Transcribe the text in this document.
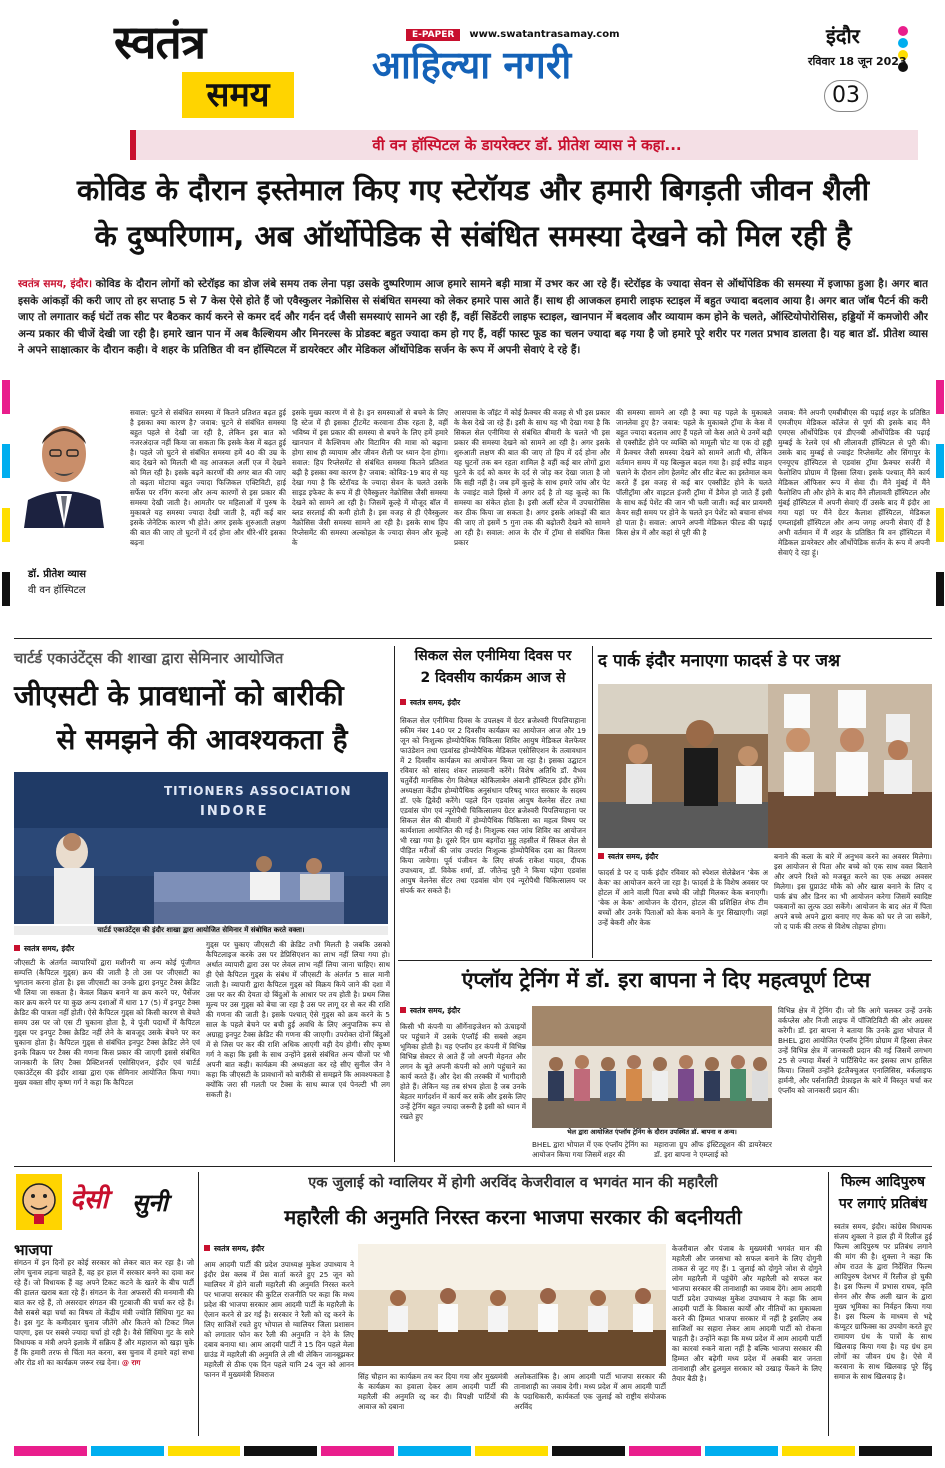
स्वतंत्र
समय
E-PAPER www.swatantrasamay.com
आहिल्या नगरी
इंदौर
रविवार 18 जून 2023
03
वी वन हॉस्पिटल के डायरेक्टर डॉ. प्रीतेश व्यास ने कहा...
कोविड के दौरान इस्तेमाल किए गए स्टेरॉयड और हमारी बिगड़ती जीवन शैली
के दुष्परिणाम, अब ऑर्थोपेडिक से संबंधित समस्या देखने को मिल रही है
स्वतंत्र समय, इंदौर। कोविड के दौरान लोगों को स्टेरॉइड का डोज लंबे समय तक लेना पड़ा उसके दुष्परिणाम आज हमारे सामने बड़ी मात्रा में उभर कर आ रहे हैं। स्टेरॉइड के ज्यादा सेवन से ऑर्थोपेडिक की समस्या में इजाफा हुआ है। अगर बात इसके आंकड़ों की करी जाए तो हर सप्ताह 5 से 7 केस ऐसे होते हैं जो एवैस्कुलर नेक्रोसिस से संबंधित समस्या को लेकर हमारे पास आते हैं। साथ ही आजकल हमारी लाइफ स्टाइल में बहुत ज्यादा बदलाव आया है। अगर बात जॉब पैटर्न की करी जाए तो लगातार कई घंटों तक सीट पर बैठकर कार्य करने से कमर दर्द और गर्दन दर्द जैसी समस्याएं सामने आ रही हैं, वहीं सिडेंटरी लाइफ स्टाइल, खानपान में बदलाव और व्यायाम कम होने के चलते, ऑस्टियोपोरोसिस, हड्डियों में कमजोरी और अन्य प्रकार की चीजें देखी जा रही है। हमारे खान पान में अब कैल्शियम और मिनरल्स के प्रोडक्ट बहुत ज्यादा कम हो गए हैं, वहीं फास्ट फूड का चलन ज्यादा बढ़ गया है जो हमारे पूरे शरीर पर गलत प्रभाव डालता है। यह बात डॉ. प्रीतेश व्यास ने अपने साक्षात्कार के दौरान कही। वे शहर के प्रतिष्ठित वी वन हॉस्पिटल में डायरेक्टर और मेडिकल ऑर्थोपेडिक सर्जन के रूप में अपनी सेवाएं दे रहे हैं।
डॉ. प्रीतेश व्यास
वी वन हॉस्पिटल
सवाल: घुटने से संबंधित समस्या में कितने प्रतिशत बढ़त हुई है इसका क्या कारण है? जवाब: घुटने से संबंधित समस्या बहुत पहले से देखी जा रही है, लेकिन इस बात को नजरअंदाज नहीं किया जा सकता कि इसके केस में बढ़त हुई है। पहले जो घुटने से संबंधित समस्या हमें 40 की उम्र के बाद देखने को मिलती थी वह आजकल अर्ली एज में देखने को मिल रही है। इसके बढ़ने कारणों की अगर बात की जाए तो बढ़ता मोटापा बहुत ज्यादा फिजिकल एक्टिविटी, हाई सर्फेस पर रनिंग करना और अन्य कारणों से इस प्रकार की समस्या देखी जाती है। आमतौर पर महिलाओं में पुरुष के मुकाबले यह समस्या ज्यादा देखी जाती है, वहीं कई बार इसके जेनेटिक कारण भी होते। अगर इसके शुरुआती लक्षण की बात की जाए तो घुटनों में दर्द होना और धीरे-धीरे इसका बढ़ना
इसके मुख्य कारण में से है। इन समस्याओं से बचने के लिए हि स्टेज में ही इसका ट्रीटमेंट करवाना ठीक रहता है, वहीं भविष्य में इस प्रकार की समस्या से बचने के लिए हमें हमारे खानपान में कैल्शियम और विटामिन की मात्रा को बढ़ाना होगा साथ ही व्यायाम और जीवन शैली पर ध्यान देना होगा। सवाल: हिप रिप्लेसमेंट से संबंधित समस्या कितने प्रतिशत बढ़ी है इसका क्या कारण है? जवाब: कोविड-19 बाद से यह देखा गया है कि स्टेरॉयड के ज्यादा सेवन के चलते उसके साइड इफेक्ट के रूप में ही ऐवैस्कुलर नेक्रोसिस जैसी समस्या देखने को सामने आ रही है। जिसमें कूल्हे में मौजूद बॉल में ब्लड सरलाई की कमी होती है। इस वजह से ही ऐवैस्कुलर नैक्रोसिस जैसी समस्या सामने आ रही है। इसके साथ हिप रिप्लेसमेंट की समस्या अल्कोहल के ज्यादा सेवन और कूल्हे के
आसपास के जॉइंट में कोई फ्रैक्चर की वजह से भी इस प्रकार के केस देखे जा रहे हैं। इसी के साथ यह भी देखा गया है कि सिकल सेल एनीमिया से संबंधित बीमारी के चलते भी इस प्रकार की समस्या देखने को सामने आ रही है। अगर इसके शुरुआती लक्षण की बात की जाए तो हिप में दर्द होना और यह घुटनों तक बन रहता शामिल है वहीं कई बार लोगों द्वारा घुटने के दर्द को कमर के दर्द से जोड़ कर देखा जाता है जो कि सही नहीं है। जब हमें कूल्हे के साथ हमारे जांघ और पेट के ज्वाइंट वाले हिस्से में अगर दर्द है तो यह कूल्हे का कि समस्या का संकेत होता है। इसी अर्ली स्टेज में उपचारोसिस कर ठीक किया जा सकता है। अगर इसके आंकड़ों की बात की जाए तो इसमें 5 गुना तक की बढ़ोतरी देखने को सामने आ रही है। सवाल: आज के दौर में ट्रॉमा से संबंधित किस प्रकार
की समस्या सामने आ रही है क्या यह पहले के मुकाबले जानलेवा हुए है? जवाब: पहले के मुकाबले ट्रॉमा के केस में बहुत ज्यादा बदलाव आए हैं पहले जो केस आते थे उनमें बड़ी से एक्सीडेंट होने पर व्यक्ति को मामूली चोट या एक दो हड्डी में फ्रैक्चर जैसी समस्या देखने को सामने आती थी, लेकिन वर्तमान समय में यह बिल्कुल बदल गया है। हाई स्पीड वाहन चलाने के दौरान लोग हेलमेट और सीट बेल्ट का इस्तेमाल कम करते हैं इस वजह से कई बार एक्सीडेंट होने के चलते पॉलीट्रॉमा और वाइटल इंजरी ट्रॉमा में डैमेज हो जाते हैं इसी के साथ कई पेशेंट की जान भी चली जाती। कई बार प्रायमरी केयर सही समय पर होने के चलते इन पेशेंट को बचाना संभव हो पाता है। सवाल: आपने अपनी मेडिकल फील्ड की पढ़ाई किस क्षेत्र में और कहां से पूरी की है
जवाब: मैंने अपनी एमबीबीएस की पढ़ाई शहर के प्रतिष्ठित एमजीएम मेडिकल कॉलेज से पूर्ण की इसके बाद मैंने एमएस ऑर्थोपेडिक एवं डीएनबी ऑर्थोपेडिक की पढ़ाई मुम्बई के रेलवे एवं श्री लीलावती हॉस्पिटल से पूरी की। उसके बाद मुम्बई से ज्वाइंट रिप्लेसमेंट और सिंगापुर के एनयूएच हॉस्पिटल से एडवांस ट्रॉमा फ्रैक्चर सर्जरी में फेलोशिप प्रोग्राम में हिस्सा लिया। इसके पश्चात् मैंने कार्य मेडिकल ऑफिसर रूप में सेवा दी। मैंने मुंबई में मैंने फैलोशिप ली और होने के बाद मैंने लीलावती हॉस्पिटल और मुंबई हॉस्पिटल में अपनी सेवाएं दीं उसके बाद मैं इंदौर आ गया यहां पर मैंने ग्रेटर कैलाश हॉस्पिटल, मेडिकल एम्प्लाइंसी हॉस्पिटल और अन्य जगह अपनी सेवाएं दीं है अभी वर्तमान में मैं शहर के प्रतिष्ठित वि वन हॉस्पिटल में मेडिकल डायरेक्टर और ऑर्थोपेडिक सर्जन के रूप में अपनी सेवाएं दे रहा हूं।
चार्टर्ड एकाउंटेंट्स की शाखा द्वारा सेमिनार आयोजित
जीएसटी के प्रावधानों को बारीकी
से समझने की आवश्यकता है
TITIONERS ASSOCIATION
INDORE
चार्टर्ड एकाउंटेंट्स की इंदौर शाखा द्वारा आयोजित सेमिनार में संबोधित करते वक्ता।
स्वतंत्र समय, इंदौर
जीएसटी के अंतर्गत व्यापारियों द्वारा मशीनरी या अन्य कोई पूंजीगत सम्पत्ति (कैपिटल गुड्स) क्रय की जाती है तो उस पर जीएसटी का भुगतान करना होता है। इस जीएसटी का उनके द्वारा इनपुट टैक्स क्रेडिट भी लिया जा सकता है। केवल विक्रय बनाने या क्रय करने पर, पैसेंजर कार क्रय करने पर या कुछ अन्य दशाओं में धारा 17 (5) में इनपुट टैक्स क्रेडिट की पात्रता नहीं होती। ऐसे कैपिटल गुड्स को किसी कारण से बेचते समय उस पर जो एस टी चुकाना होता है, वे पूंजी पदार्थों में कैपिटल गुड्स पर इनपुट टैक्स क्रेडिट नहीं लेने के बावजूद उसके बेचने पर कर चुकाना होता है। कैपिटल गुड्स से संबंधित इनपुट टैक्स क्रेडिट लेने एवं इनके विक्रय पर टैक्स की गणना किस प्रकार की जाएगी इससे संबंधित जानकारी के लिए टैक्स प्रैक्टिशनर्स एसोसिएशन, इंदौर एवं चार्टर्ड एकाउंटेंट्स की इंदौर शाखा द्वारा एक सेमिनार आयोजित किया गया। मुख्य वक्ता सीए कृष्ण गर्ग ने कहा कि कैपिटल
गुड्स पर चुकाए जीएसटी की क्रेडिट तभी मिलती है जबकि उसको कैपिटलाइज करके उस पर डेप्रिसिएशन का लाभ नहीं लिया गया हो। अर्थात व्यापारी द्वारा उस पर लेवल लाभ नहीं लिया जाना चाहिए। साथ ही ऐसे कैपिटल गुड्स के संबंध में जीएसटी के अंतर्गत 5 साल मानी जाती है। व्यापारी द्वारा कैपिटल गुड्स को विक्रय किये जाने की दशा में उस पर कर की देयता दो बिंदुओं के आधार पर तय होती है। प्रथम जिस मूल्य पर उस गुड्स को बेचा जा रहा है उस पर लागू दर से कर की राशि की गणना की जाती है। इसके पश्चात् ऐसे गुड्स को क्रय करने के 5 साल के पहले बेचने पर बची हुई अवधि के लिए अनुपातिक रूप से अग्राह्य इनपुट टैक्स क्रेडिट की गणना की जाएगी। उपरोक्त दोनों बिंदुओं में से जिस पर कर की राशि अधिक आएगी वही देय होगी। सीए कृष्ण गर्ग ने कहा कि इसी के साथ उन्होंने इससे संबंधित अन्य चीजों पर भी अपनी बात कही। कार्यक्रम की अध्यक्षता कर रहे सीए सुनील जैन ने कहा कि जीएसटी के प्रावधानों को बारीकी से समझने कि आवश्यकता है क्योंकि जरा सी गलती पर टैक्स के साथ ब्याज एवं पेनल्टी भी लग सकती है।
सिकल सेल एनीमिया दिवस पर
2 दिवसीय कार्यक्रम आज से
स्वतंत्र समय, इंदौर
सिकल सेल एनीमिया दिवस के उपलक्ष्य में ग्रेटर ब्रजेश्वरी पिपलियाहाना स्कीम नंबर 140 पर 2 दिवसीय कार्यक्रम का आयोजन आज और 19 जून को निःशुल्क होम्योपैथिक चिकित्सा शिविर आयुष मेडिकल वेलफेयर फाउंडेशन तथा एडवांस्ड होम्योपैथिक मेडिकल एसोसिएशन के तत्वावधान में 2 दिवसीय कार्यक्रम का आयोजन किया जा रहा है। इसका उद्घाटन रविवार को सांसद शंकर लालवानी करेंगे। विशेष अतिथि डॉ. वैभव चतुर्वेदी मानसिक रोग विशेषज्ञ कोकिलाबेन अंबानी हॉस्पिटल इंदौर होंगे। अध्यक्षता केंद्रीय होम्योपैथिक अनुसंधान परिषद् भारत सरकार के सदस्य डॉ. एके द्विवेदी करेंगे। पहले दिन एडवांस आयुष वेलनेस सेंटर तथा एडवांस योग एवं न्यूरोपैथी चिकित्सालय ग्रेटर ब्रजेश्वरी पिपलियाहाना पर सिकल सेल की बीमारी में होम्योपैथिक चिकित्सा का महत्व विषय पर कार्यशाला आयोजित की गई है। निःशुल्क रक्त जांच शिविर का आयोजन भी रखा गया है। दूसरे दिन ग्राम बड़गोंदा मुहू तहसील में सिकल सेल से पीड़ित मरीजों की जांच उपरांत निःशुल्क होम्योपैथिक दवा का वितरण किया जायेगा। पूर्व पंजीयन के लिए संपर्क राकेश यादव, दीपक उपाध्याय, डॉ. विवेक शर्मा, डॉ. जीतेन्द्र पुरी ने किया पड़ेगा एडवांस आयुष वेलनेस सेंटर तथा एडवांस योग एवं न्यूरोपैथी चिकित्सालय पर संपर्क कर सकते हैं।
द पार्क इंदौर मनाएगा फादर्स डे पर जश्न
स्वतंत्र समय, इंदौर
फादर्स डे पर द पार्क इंदौर रविवार को स्पेशल सेलेब्रेशन 'बेक अ केक' का आयोजन करने जा रहा है। फादर्स डे के विशेष अवसर पर होटल में आने वाली पिता बच्चे की जोड़ी मिलकर केक बनाएगी। 'बेक अ केक' आयोजन के दौरान, होटल की प्रशिक्षित शेफ टीम बच्चों और उनके पिताओं को केक बनाने के गुर सिखाएगी। जहां उन्हें बेकरी और केक
बनाने की कला के बारे में अनुभव करने का अवसर मिलेगा। इस आयोजन से पिता और बच्चे को एक साथ वक्त बिताने और अपने रिश्ते को मजबूत करने का एक अच्छा अवसर मिलेगा। इस ग्रुप्राउंट मौके को और खास बनाने के लिए द पार्क ब्रंच और डिनर का भी आयोजन करेगा जिसमें स्वादिष्ट पकवानों का लुत्फ उठा सकेंगे। आयोजन के बाद अंत में पिता अपने बच्चे अपने द्वारा बनाए गए केक को घर ले जा सकेंगे, जो द पार्क की तरफ से विशेष तोहफा होगा।
एंप्लॉय ट्रेनिंग में डॉ. इरा बापना ने दिए महत्वपूर्ण टिप्स
स्वतंत्र समय, इंदौर
किसी भी कंपनी या ऑर्गेनाइजेशन को ऊंचाइयों पर पहुंचाने में उसके एंप्लॉई की सबसे अहम भूमिका होती है। यह एंप्लॉय हर कंपनी में विभिन्न विभिन्न सेक्टर से आते हैं जो अपनी मेहनत और लगन के बूते अपनी कंपनी को आगे पहुंचाने का कार्य करते हैं। और देश की तरक्की में भागीदारी होते हैं। लेकिन यह तब संभव होता है जब उनके बेहतर मार्गदर्शन में कार्य कर सकें और इसके लिए उन्हें ट्रेनिंग बहुत ज्यादा जरूरी है इसी को ध्यान में रखते हुए
भेल द्वारा आयोजित एंप्लॉय ट्रेनिंग के दौरान उपस्थित डॉ. बापना व अन्य।
BHEL द्वारा भोपाल में एक एंप्लॉय ट्रेनिंग का आयोजन किया गया जिसमें शहर की
महाराजा ग्रुप ऑफ इंस्टिट्यूशन की डायरेक्टर डॉ. इरा बापना ने एम्प्लाई को
विभिन्न क्षेत्र में ट्रेनिंग दी। जो कि आगे चलकर उन्हें उनके वर्कप्लेस और निजी लाइफ में पॉजिटिविटी की ओर अग्रसर करेगी। डॉ. इरा बापना ने बताया कि उनके द्वारा भोपाल में BHEL द्वारा आयोजित एंप्लॉय ट्रेनिंग प्रोग्राम में हिस्सा लेकर उन्हें विभिन्न क्षेत्र में जानकारी प्रदान की गई जिसमें लगभग 25 से ज्यादा मेंबर्स ने पार्टिसिपेट कर इसका लाभ हासिल किया। जिसमें उन्होंने इंटलैक्चुअल एनालिसिस, वर्कलाइफ हार्मनी, और पर्सनालिटी प्रेफ़ाइल के बारे में विस्तृत चर्चा कर एंप्लॉय को जानकारी प्रदान की।
देसी सुनी
भाजपा
संगठन में इन दिनों हर कोई सरकार को लेकर बात कर रहा है। जो लोग चुनाव लड़ना चाहते हैं, वह हर हाल में सरकार बनने का दावा कर रहे हैं। जो विधायक हैं वह अपने टिकट कटने के खतरे के बीच पार्टी की हालत खराब बता रहे हैं। संगठन के नेता अफसरों की मनमानी की बात कर रहे हैं, तो असरदार संगठन की गुटबाजी की चर्चा कर रहे हैं। वैसे सबसे बड़ा चर्चा का विषय तो केंद्रीय मंत्री ज्योति सिंधिया गुट का है। इस गुट के कमीदवार चुनाव जीतेंगे और कितने को टिकट मिल पाएगा, इस पर सबसे ज्यादा चर्चा हो रही है। वैसे सिंधिया गुट के सारे विधायक व मंत्री अपने इलाके में सक्रिय हैं और महाराज को खड़ा चुके हैं कि हमारी तरफ से चिंता मत करना, बस चुनाव में हमारे वहां सभा और रोड शो का कार्यक्रम जरूर रख देना। @ राग
एक जुलाई को ग्वालियर में होगी अरविंद केजरीवाल व भगवंत मान की महारैली
महारैली की अनुमति निरस्त करना भाजपा सरकार की बदनीयती
स्वतंत्र समय, इंदौर
आम आदमी पार्टी की प्रदेश उपाध्यक्ष मुकेश उपाध्याय ने इंदौर प्रेस क्लब में प्रेस वार्ता करते हुए 25 जून को ग्वालियर में होने वाली महारैली की अनुमति निरस्त करने पर भाजपा सरकार की कुटिल राजनीति पर कहा कि मध्य प्रदेश की भाजपा सरकार आम आदमी पार्टी के महारैली के ऐलान करने से डर गई है। सरकार ने रैली को रद्द करने के लिए साजिशें रचते हुए भोपाल से ग्वालियर जिला प्रशासन को लगातार फोन कर रैली की अनुमति न देने के लिए दबाव बनाया था। आम आदमी पार्टी ने 15 दिन पहले मेला ग्राउंड में महारैली की अनुमति ले ली थी लेकिन जानबूझकर महारैली से ठीक एक दिन पहले यानि 24 जून को आनन फानन में मुख्यमंत्री शिवराज	सिंह चौहान का कार्यक्रम तय कर दिया गया और मुख्यमंत्री के कार्यक्रम का हवाला देकर आम आदमी पार्टी की महारैली की अनुमति रद्द कर दी। विपक्षी पार्टियों की आवाज को दबाना
अलोकतांत्रिक है। आम आदमी पार्टी भाजपा सरकार की तानाशाही का जवाब देगी। मध्य प्रदेश में आम आदमी पार्टी के पदाधिकारी, कार्यकर्ता एक जुलाई को राष्ट्रीय संयोजक अरविंद
केजरीवाल और पंजाब के मुख्यमंत्री भगवंत मान की महारैली और जनसभा को सफल बनाने के लिए दोगुनी ताकत से जुट गए हैं। 1 जुलाई को दोगुने जोश से दोगुने लोग महारैली में पहुंचेंगे और महारैली को सफल कर भाजपा सरकार की तानाशाही का जवाब देंगे। आम आदमी पार्टी प्रदेश उपाध्यक्ष मुकेश उपाध्याय ने कहा कि आम आदमी पार्टी के विकास कार्यों और नीतियों का मुकाबला करने की हिम्मत भाजपा सरकार में नहीं है इसलिए अब साजिशों का सहारा लेकर आम आदमी पार्टी को रोकना चाहती है। उन्होंने कहा कि मध्य प्रदेश में आम आदमी पार्टी का कारवां रुकने वाला नहीं है बल्कि भाजपा सरकार की हिम्मत और बढ़ेगी मध्य प्रदेश में अबकी बार जनता तानाशाही और ढुलमुल सरकार को उखाड़ फेंकने के लिए तैयार बैठी है।
फिल्म आदिपुरुष
पर लगाएं प्रतिबंध
स्वतंत्र समय, इंदौर। कांग्रेस विधायक संजय शुक्ला ने हाल ही में रिलीज हुई फिल्म आदिपुरुष पर प्रतिबंध लगाने की मांग की है। शुक्ला ने कहा कि ओम राउत के द्वारा निर्देशित फिल्म आदिपुरुष देशभर में रिलीज हो चुकी है। इस फिल्म में प्रभास राघव, कृति सेनन और सैफ अली खान के द्वारा मुख्य भूमिका का निर्वहन किया गया है। इस फिल्म के माध्यम से भद्दे कंप्यूटर ग्राफिक्स का उपयोग करते हुए रामायण ग्रंथ के पात्रों के साथ खिलवाड़ किया गया है। यह ग्रंथ हम लोगों का जीवन ग्रंथ है। ऐसे में करवाना के साथ खिलवाड़ पूरे हिंदू समाज के साथ खिलवाड़ है।
